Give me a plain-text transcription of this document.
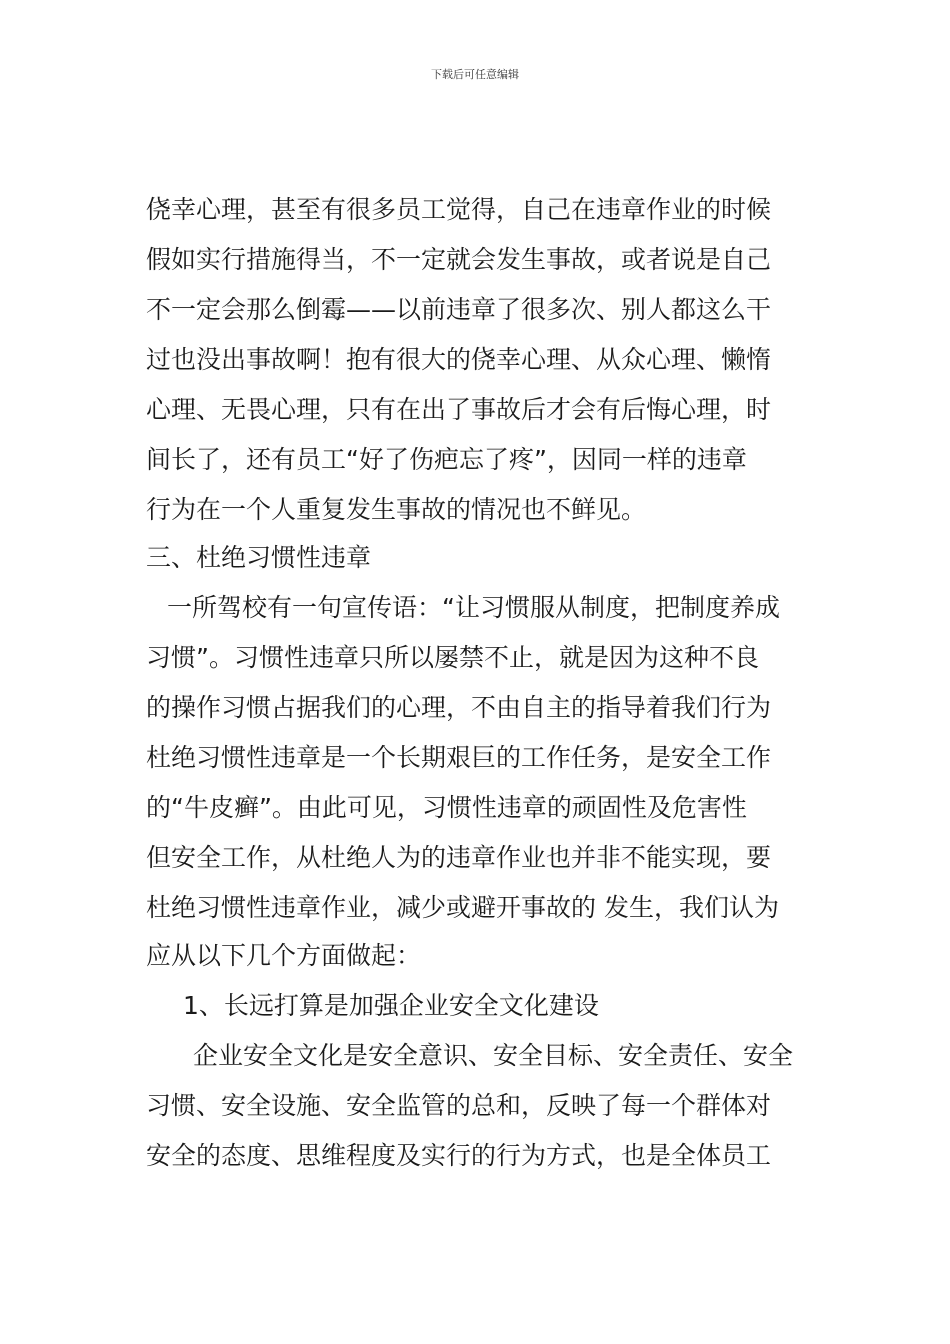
下载后可任意编辑
侥幸心理，甚至有很多员工觉得，自己在违章作业的时候
假如实行措施得当，不一定就会发生事故，或者说是自己
不一定会那么倒霉——以前违章了很多次、别人都这么干
过也没出事故啊！抱有很大的侥幸心理、从众心理、懒惰
心理、无畏心理，只有在出了事故后才会有后悔心理，时
间长了，还有员工“好了伤疤忘了疼”，因同一样的违章
行为在一个人重复发生事故的情况也不鲜见。
三、杜绝习惯性违章
一所驾校有一句宣传语：“让习惯服从制度，把制度养成
习惯”。习惯性违章只所以屡禁不止，就是因为这种不良
的操作习惯占据我们的心理，不由自主的指导着我们行为
杜绝习惯性违章是一个长期艰巨的工作任务，是安全工作
的“牛皮癣”。由此可见，习惯性违章的顽固性及危害性
但安全工作，从杜绝人为的违章作业也并非不能实现，要
杜绝习惯性违章作业，减少或避开事故的 发生，我们认为
应从以下几个方面做起：
1、长远打算是加强企业安全文化建设
企业安全文化是安全意识、安全目标、安全责任、安全
习惯、安全设施、安全监管的总和，反映了每一个群体对
安全的态度、思维程度及实行的行为方式，也是全体员工
